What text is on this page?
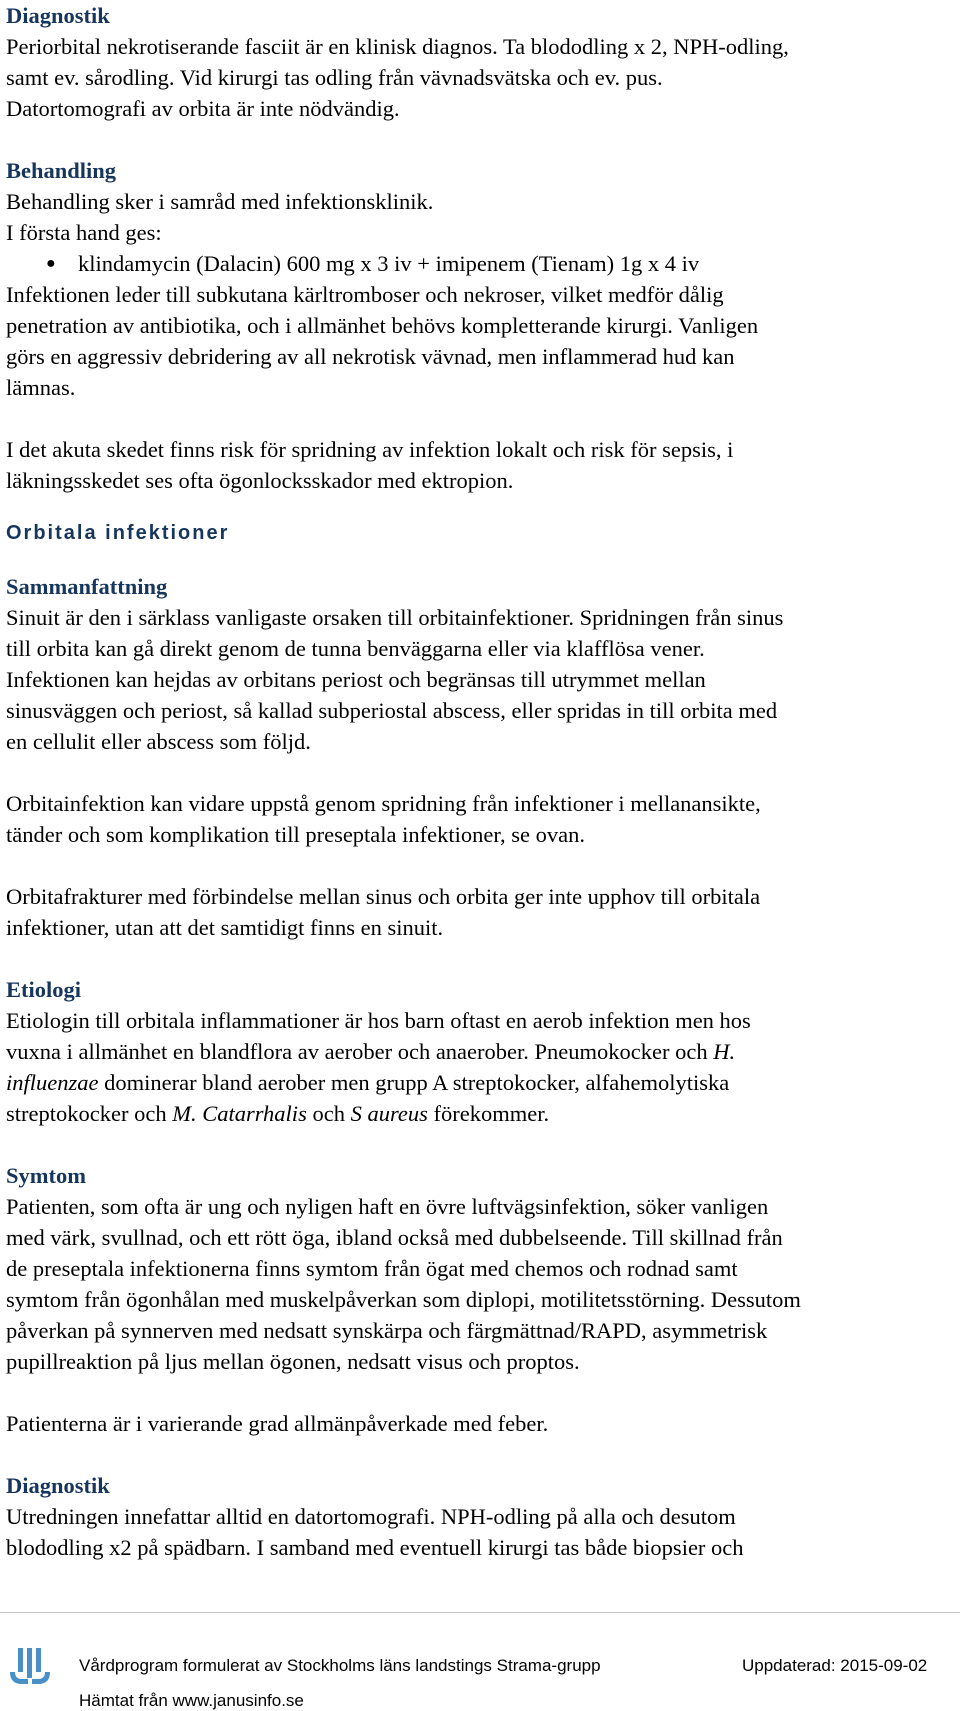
Diagnostik

Periorbital nekrotiserande fasciit är en klinisk diagnos. Ta blododling x 2, NPH-odling,

samt ev. sårodling. Vid kirurgi tas odling från vävnadsvätska och ev. pus.

Datortomografi av orbita är inte nödvändig.

Behandling

Behandling sker i samråd med infektionsklinik.

I första hand ges:

● klindamycin (Dalacin) 600 mg x 3 iv + imipenem (Tienam) 1g x 4 iv

Infektionen leder till subkutana kärltromboser och nekroser, vilket medför dålig

penetration av antibiotika, och i allmänhet behövs kompletterande kirurgi. Vanligen

görs en aggressiv debridering av all nekrotisk vävnad, men inflammerad hud kan

lämnas.

I det akuta skedet finns risk för spridning av infektion lokalt och risk för sepsis, i

läkningsskedet ses ofta ögonlocksskador med ektropion.

Orbitala infektioner

Sammanfattning

Sinuit är den i särklass vanligaste orsaken till orbitainfektioner. Spridningen från sinus

till orbita kan gå direkt genom de tunna benväggarna eller via klafflösa vener.

Infektionen kan hejdas av orbitans periost och begränsas till utrymmet mellan

sinusväggen och periost, så kallad subperiostal abscess, eller spridas in till orbita med

en cellulit eller abscess som följd.

Orbitainfektion kan vidare uppstå genom spridning från infektioner i mellanansikte,

tänder och som komplikation till preseptala infektioner, se ovan.

Orbitafrakturer med förbindelse mellan sinus och orbita ger inte upphov till orbitala

infektioner, utan att det samtidigt finns en sinuit.

Etiologi

Etiologin till orbitala inflammationer är hos barn oftast en aerob infektion men hos

vuxna i allmänhet en blandflora av aerober och anaerober. Pneumokocker och H.

influenzae dominerar bland aerober men grupp A streptokocker, alfahemolytiska

streptokocker och M. Catarrhalis och S aureus förekommer.

Symtom

Patienten, som ofta är ung och nyligen haft en övre luftvägsinfektion, söker vanligen

med värk, svullnad, och ett rött öga, ibland också med dubbelseende. Till skillnad från

de preseptala infektionerna finns symtom från ögat med chemos och rodnad samt

symtom från ögonhålan med muskelpåverkan som diplopi, motilitetsstörning. Dessutom

påverkan på synnerven med nedsatt synskärpa och färgmättnad/RAPD, asymmetrisk

pupillreaktion på ljus mellan ögonen, nedsatt visus och proptos.

Patienterna är i varierande grad allmänpåverkade med feber.

Diagnostik

Utredningen innefattar alltid en datortomografi. NPH-odling på alla och desutom

blododling x2 på spädbarn. I samband med eventuell kirurgi tas både biopsier och

Vårdprogram formulerat av Stockholms läns landstings Strama-grupp	Uppdaterad: 2015-09-02
Hämtat från www.janusinfo.se
